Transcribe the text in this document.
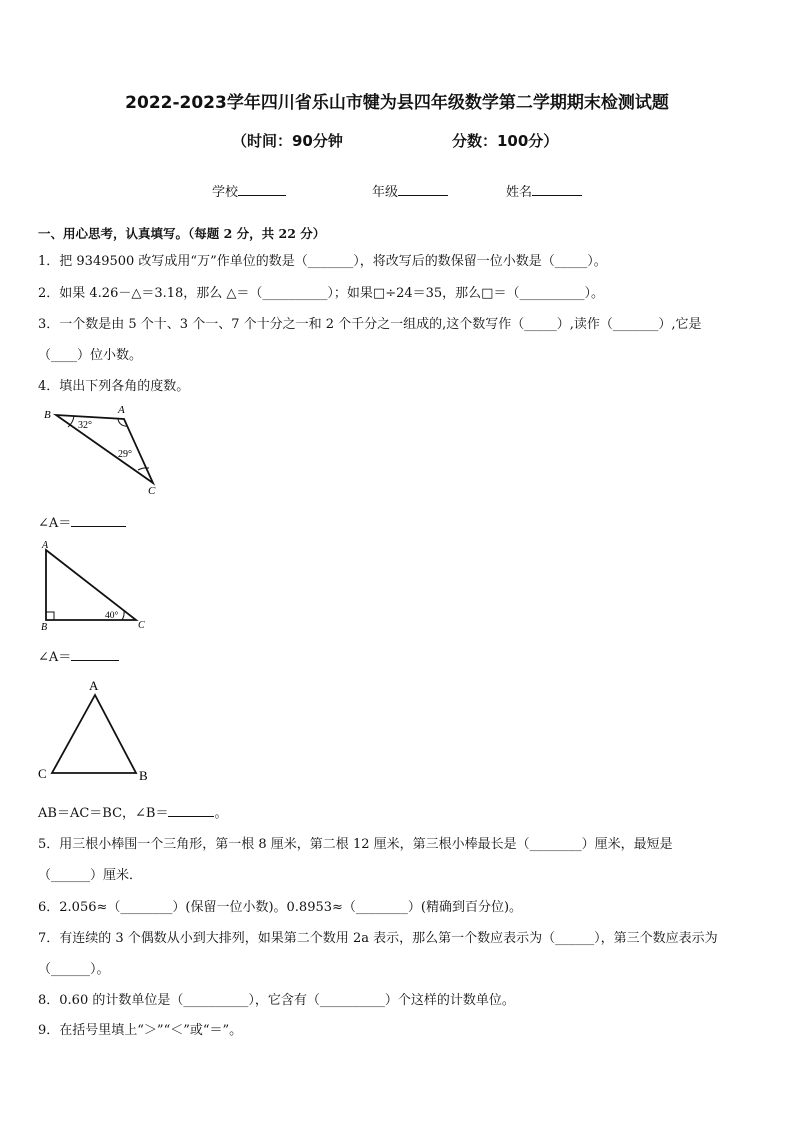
2022-2023学年四川省乐山市犍为县四年级数学第二学期期末检测试题
（时间：90分钟	分数：100分）
学校	年级	姓名
一、用心思考，认真填写。（每题 2 分，共 22 分）
1．把 9349500 改写成用“万”作单位的数是（_______），将改写后的数保留一位小数是（_____）。
2．如果 4.26－△＝3.18，那么 △＝（__________）；如果□÷24＝35，那么□＝（__________）。
3．一个数是由 5 个十、3 个一、7 个十分之一和 2 个千分之一组成的,这个数写作（_____）,读作（_______）,它是
（____）位小数。
4．填出下列各角的度数。
B	A
C
32°
29°
∠A＝
A
B	C
40°
∠A＝
A
C	B
AB＝AC＝BC，∠B＝	。
5．用三根小棒围一个三角形，第一根 8 厘米，第二根 12 厘米，第三根小棒最长是（________）厘米，最短是
（______）厘米．
6．2.056≈（________）(保留一位小数)。0.8953≈（________）(精确到百分位)。
7．有连续的 3 个偶数从小到大排列，如果第二个数用 2a 表示，那么第一个数应表示为（______），第三个数应表示为
（______）。
8．0.60 的计数单位是（__________），它含有（__________）个这样的计数单位。
9．在括号里填上“＞”“＜”或“＝”。
